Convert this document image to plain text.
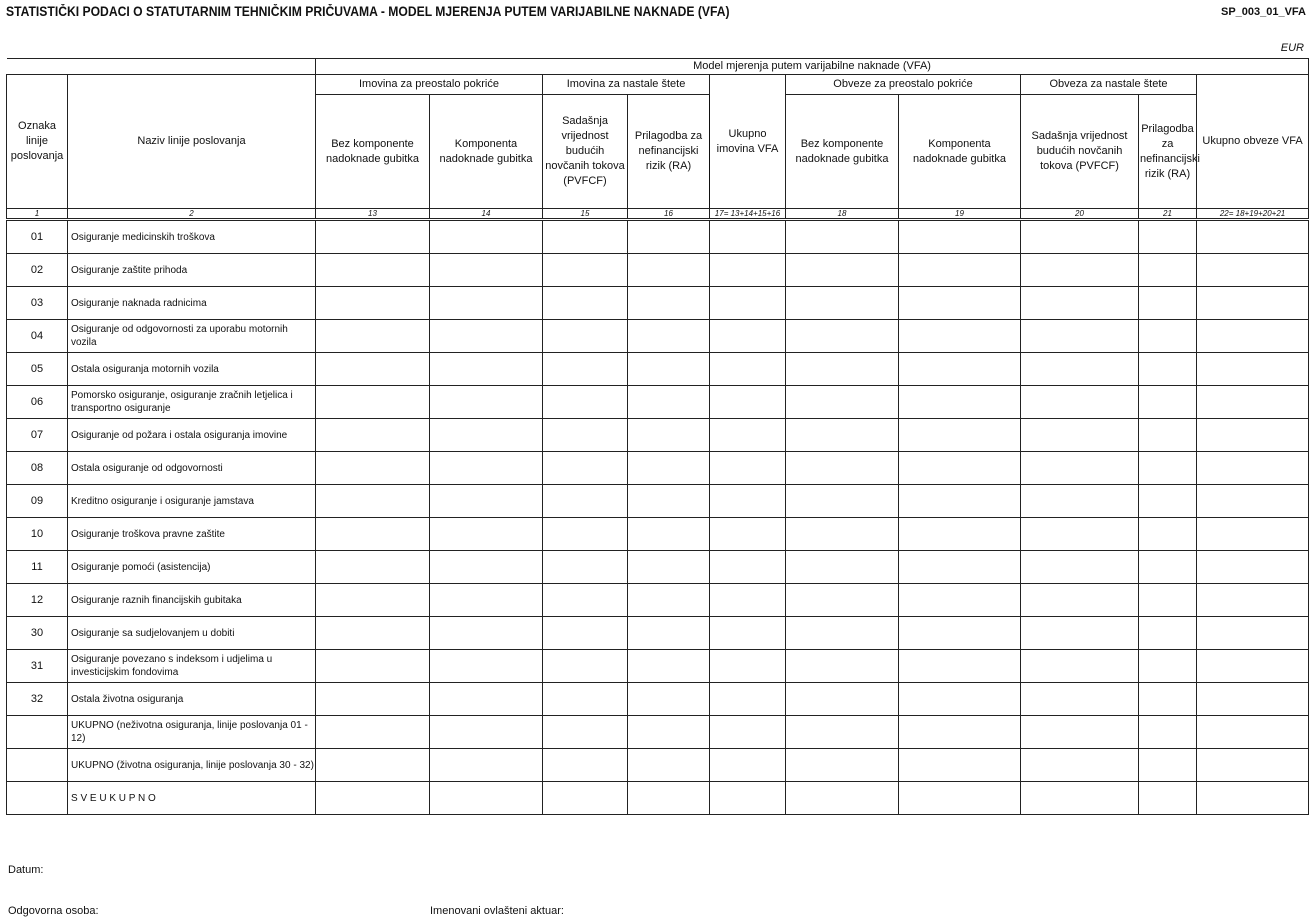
STATISTIČKI PODACI O STATUTARNIM TEHNIČKIM PRIČUVAMA - MODEL MJERENJA PUTEM VARIJABILNE NAKNADE (VFA)	SP_003_01_VFA
EUR
		Model mjerenja putem varijabilne naknade (VFA)									
Oznaka linije poslovanja	Naziv linije poslovanja	Imovina za preostalo pokriće		Imovina za nastale štete		Ukupno imovina VFA	Obveze za preostalo pokriće		Obveza za nastale štete		Ukupno obveze VFA
		Bez komponente nadoknade gubitka	Komponenta nadoknade gubitka	Sadašnja vrijednost budućih novčanih tokova (PVFCF)	Prilagodba za nefinancijski rizik (RA)		Bez komponente nadoknade gubitka	Komponenta nadoknade gubitka	Sadašnja vrijednost budućih novčanih tokova (PVFCF)	Prilagodba za nefinancijski rizik (RA)	
1	2	13	14	15	16	17= 13+14+15+16	18	19	20	21	22= 18+19+20+21
01	Osiguranje medicinskih troškova										
02	Osiguranje zaštite prihoda										
03	Osiguranje naknada radnicima										
04	Osiguranje od odgovornosti za uporabu motornih vozila										
05	Ostala osiguranja motornih vozila										
06	Pomorsko osiguranje, osiguranje zračnih letjelica i transportno osiguranje										
07	Osiguranje od požara i ostala osiguranja imovine										
08	Ostala osiguranje od odgovornosti										
09	Kreditno osiguranje i osiguranje jamstava										
10	Osiguranje troškova pravne zaštite										
11	Osiguranje pomoći (asistencija)										
12	Osiguranje raznih financijskih gubitaka										
30	Osiguranje sa sudjelovanjem u dobiti										
31	Osiguranje povezano s indeksom i udjelima u investicijskim fondovima										
32	Ostala životna osiguranja										
	UKUPNO (neživotna osiguranja, linije poslovanja 01 - 12)										
	UKUPNO (životna osiguranja, linije poslovanja 30 - 32)										
	S V E U K U P N O										
Datum:
Odgovorna osoba:	Imenovani ovlašteni aktuar:
